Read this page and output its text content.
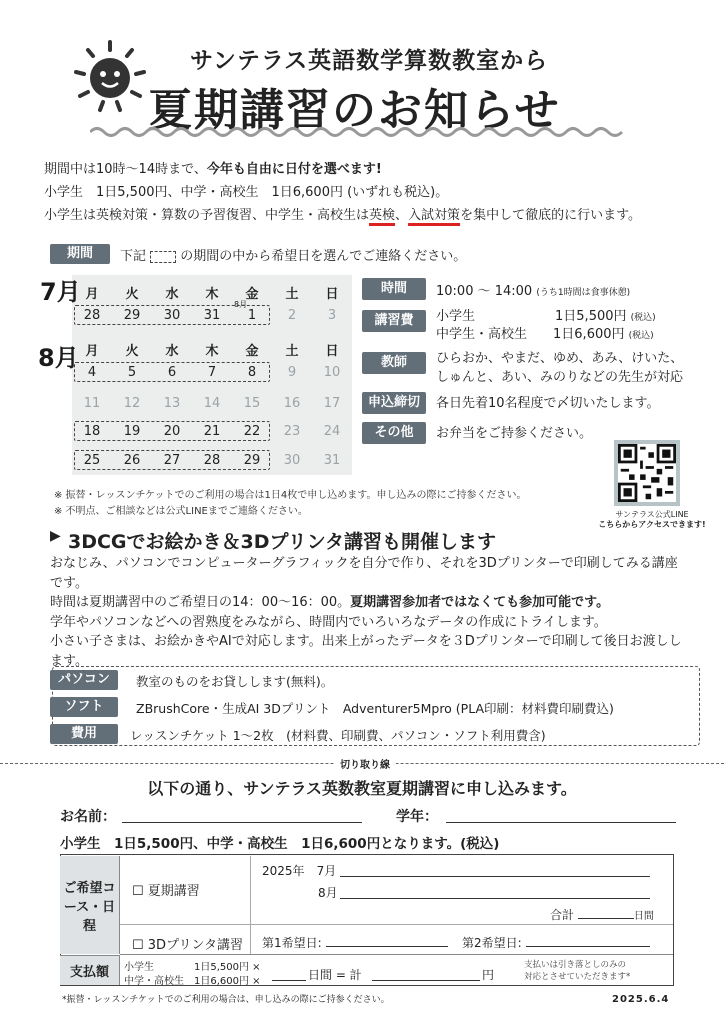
サンテラス英語数学算数教室から
夏期講習のお知らせ
期間中は10時〜14時まで、今年も自由に日付を選べます!
小学生　1日5,500円、中学・高校生　1日6,600円 (いずれも税込)。
小学生は英検対策・算数の予習復習、中学生・高校生は英検、入試対策を集中して徹底的に行います。
期間	下記	の期間の中から希望日を選んでご連絡ください。
7月
8月
月	火	水	木	金	土	日
8月
28	29	30	31	1	2	3
月	火	水	木	金	土	日
4	5	6	7	8	9	10
11	12	13	14	15	16	17
18	19	20	21	22	23	24
25	26	27	28	29	30	31
時間	10:00 〜 14:00 (うち1時間は食事休憩)
講習費	小学生	1日5,500円 (税込)
中学生・高校生 1日6,600円 (税込)
教師	ひらおか、やまだ、ゆめ、あみ、けいた、
しゅんと、あい、みのりなどの先生が対応
申込締切	各日先着10名程度で〆切いたします。
その他	お弁当をご持参ください。
サンテラス公式LINE
こちらからアクセスできます!
※ 振替・レッスンチケットでのご利用の場合は1日4枚で申し込めます。申し込みの際にご持参ください。
※ 不明点、ご相談などは公式LINEまでご連絡ください。
▶ 3DCGでお絵かき＆3Dプリンタ講習も開催します
おなじみ、パソコンでコンピューターグラフィックを自分で作り、それを3Dプリンターで印刷してみる講座です。
時間は夏期講習中のご希望日の14：00〜16：00。夏期講習参加者ではなくても参加可能です。
学年やパソコンなどへの習熟度をみながら、時間内でいろいろなデータの作成にトライします。
小さい子さまは、お絵かきやAIで対応します。出来上がったデータを３Dプリンターで印刷して後日お渡しします。
パソコン	教室のものをお貸しします(無料)。
ソフト	ZBrushCore・生成AI 3Dプリント　Adventurer5Mpro (PLA印刷：材料費印刷費込)
費用	レッスンチケット 1〜2枚　(材料費、印刷費、パソコン・ソフト利用費含)
切り取り線
以下の通り、サンテラス英数教室夏期講習に申し込みます。
お名前：	学年：
小学生　1日5,500円、中学・高校生　1日6,600円となります。(税込)
ご希望コース・日程
支払額
☐ 夏期講習
2025年　 7月
8月
合計	日間
☐ 3Dプリンタ講習 第1希望日:	第2希望日:
小学生　　　　	1日5,500円 ×
中学・高校生　 1日6,600円 ×	日間 = 計	円
支払いは引き落としのみの
対応とさせていただきます*
*振替・レッスンチケットでのご利用の場合は、申し込みの際にご持参ください。	2025.6.4
